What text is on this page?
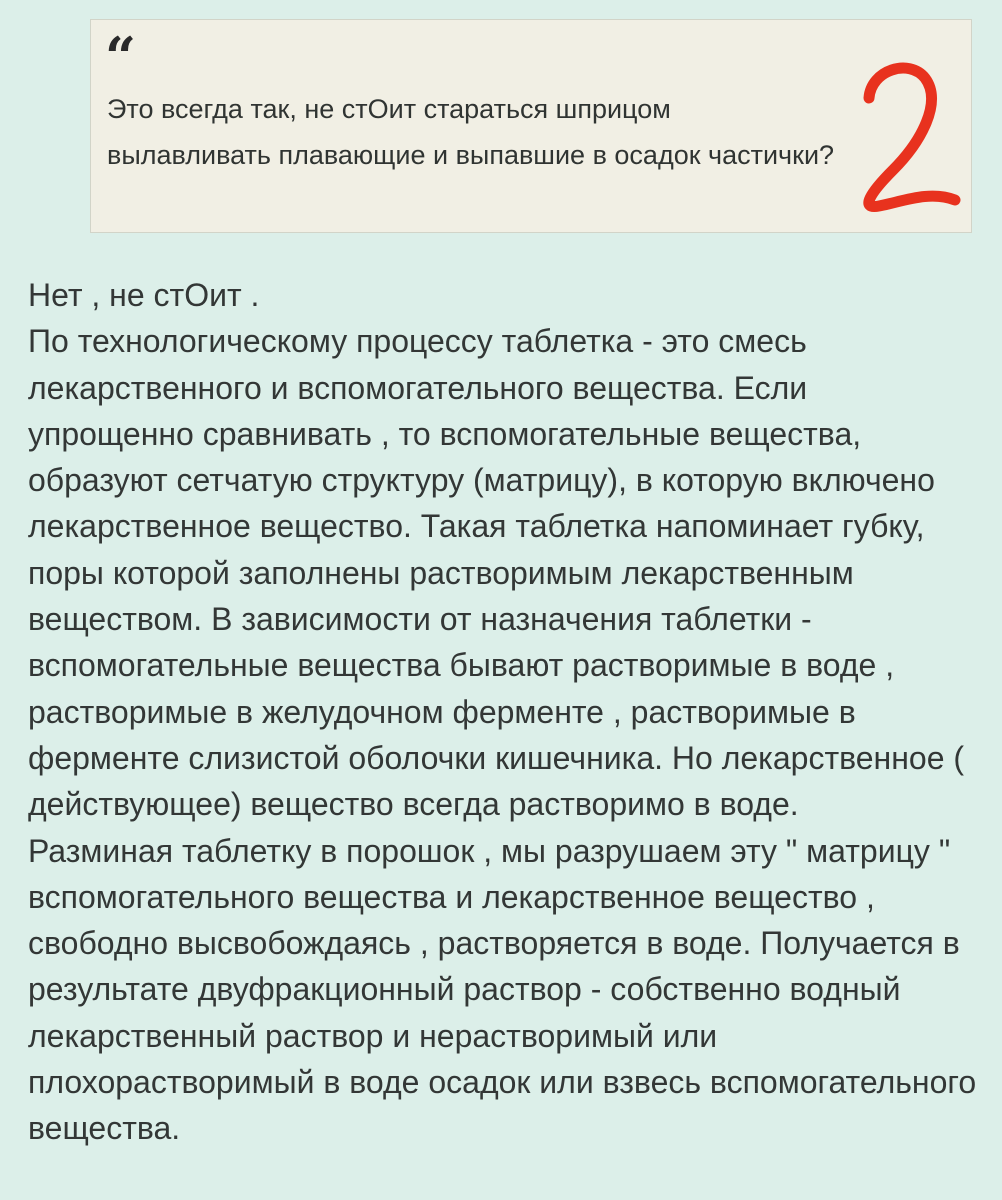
“

Это всегда так, не стОит стараться шприцом вылавливать плавающие и выпавшие в осадок частички?

Нет , не стОит .

По технологическому процессу таблетка - это смесь лекарственного и вспомогательного вещества. Если упрощенно сравнивать , то вспомогательные вещества, образуют сетчатую структуру (матрицу), в которую включено лекарственное вещество. Такая таблетка напоминает губку, поры которой заполнены растворимым лекарственным веществом. В зависимости от назначения таблетки - вспомогательные вещества бывают растворимые в воде , растворимые в желудочном ферменте , растворимые в ферменте слизистой оболочки кишечника. Но лекарственное ( действующее) вещество всегда растворимо в воде.

Разминая таблетку в порошок , мы разрушаем эту " матрицу " вспомогательного вещества и лекарственное вещество , свободно высвобождаясь , растворяется в воде. Получается в результате двуфракционный раствор - собственно водный лекарственный раствор и нерастворимый или плохорастворимый в воде осадок или взвесь вспомогательного вещества.
